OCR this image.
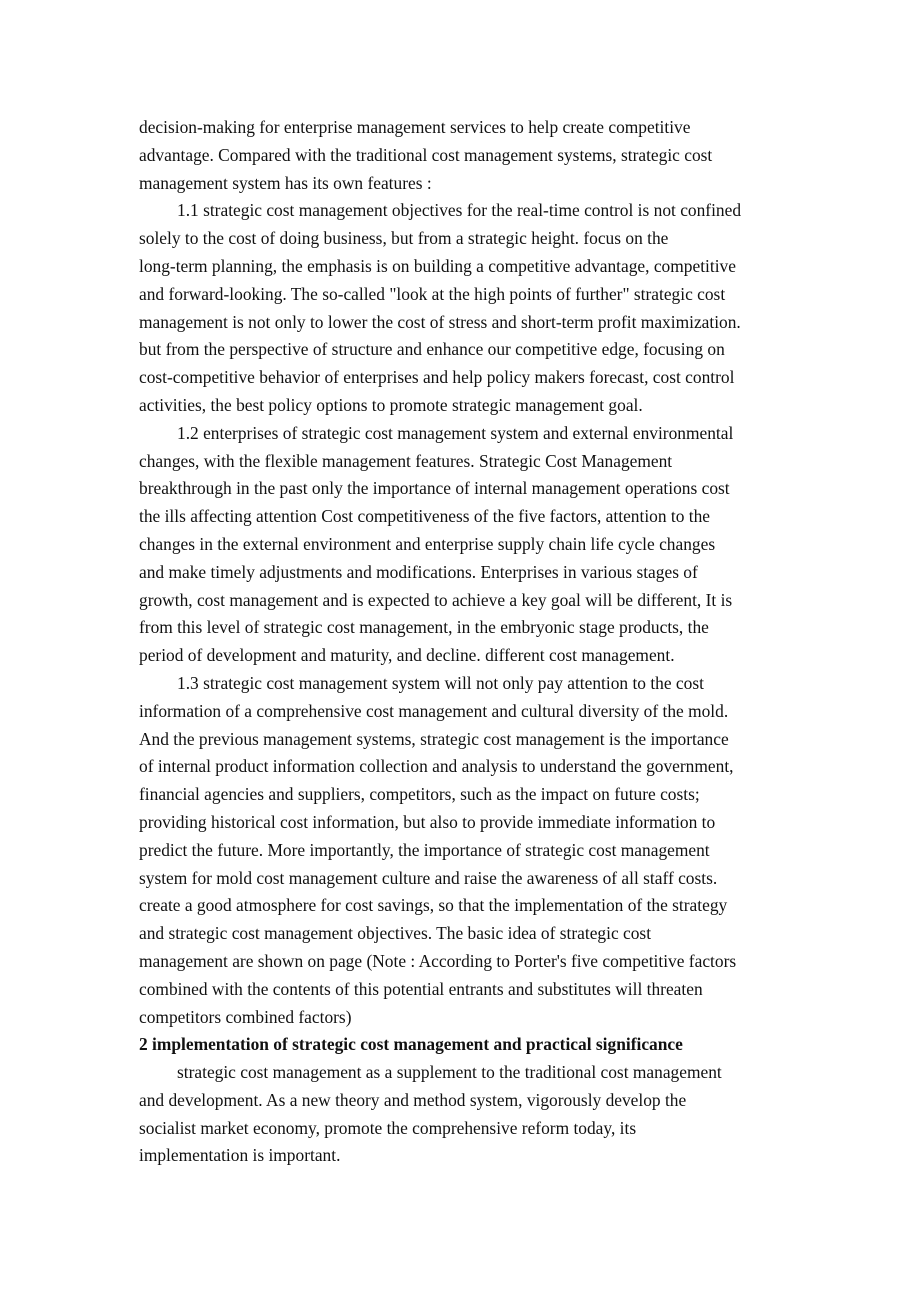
decision-making for enterprise management services to help create competitive
advantage. Compared with the traditional cost management systems, strategic cost
management system has its own features :
1.1 strategic cost management objectives for the real-time control is not confined
solely to the cost of doing business, but from a strategic height. focus on the
long-term planning, the emphasis is on building a competitive advantage, competitive
and forward-looking. The so-called "look at the high points of further" strategic cost
management is not only to lower the cost of stress and short-term profit maximization.
but from the perspective of structure and enhance our competitive edge, focusing on
cost-competitive behavior of enterprises and help policy makers forecast, cost control
activities, the best policy options to promote strategic management goal.
1.2 enterprises of strategic cost management system and external environmental
changes, with the flexible management features. Strategic Cost Management
breakthrough in the past only the importance of internal management operations cost
the ills affecting attention Cost competitiveness of the five factors, attention to the
changes in the external environment and enterprise supply chain life cycle changes
and make timely adjustments and modifications. Enterprises in various stages of
growth, cost management and is expected to achieve a key goal will be different, It is
from this level of strategic cost management, in the embryonic stage products, the
period of development and maturity, and decline. different cost management.
1.3 strategic cost management system will not only pay attention to the cost
information of a comprehensive cost management and cultural diversity of the mold.
And the previous management systems, strategic cost management is the importance
of internal product information collection and analysis to understand the government,
financial agencies and suppliers, competitors, such as the impact on future costs;
providing historical cost information, but also to provide immediate information to
predict the future. More importantly, the importance of strategic cost management
system for mold cost management culture and raise the awareness of all staff costs.
create a good atmosphere for cost savings, so that the implementation of the strategy
and strategic cost management objectives. The basic idea of strategic cost
management are shown on page (Note : According to Porter's five competitive factors
combined with the contents of this potential entrants and substitutes will threaten
competitors combined factors)
2 implementation of strategic cost management and practical significance
strategic cost management as a supplement to the traditional cost management
and development. As a new theory and method system, vigorously develop the
socialist market economy, promote the comprehensive reform today, its
implementation is important.
